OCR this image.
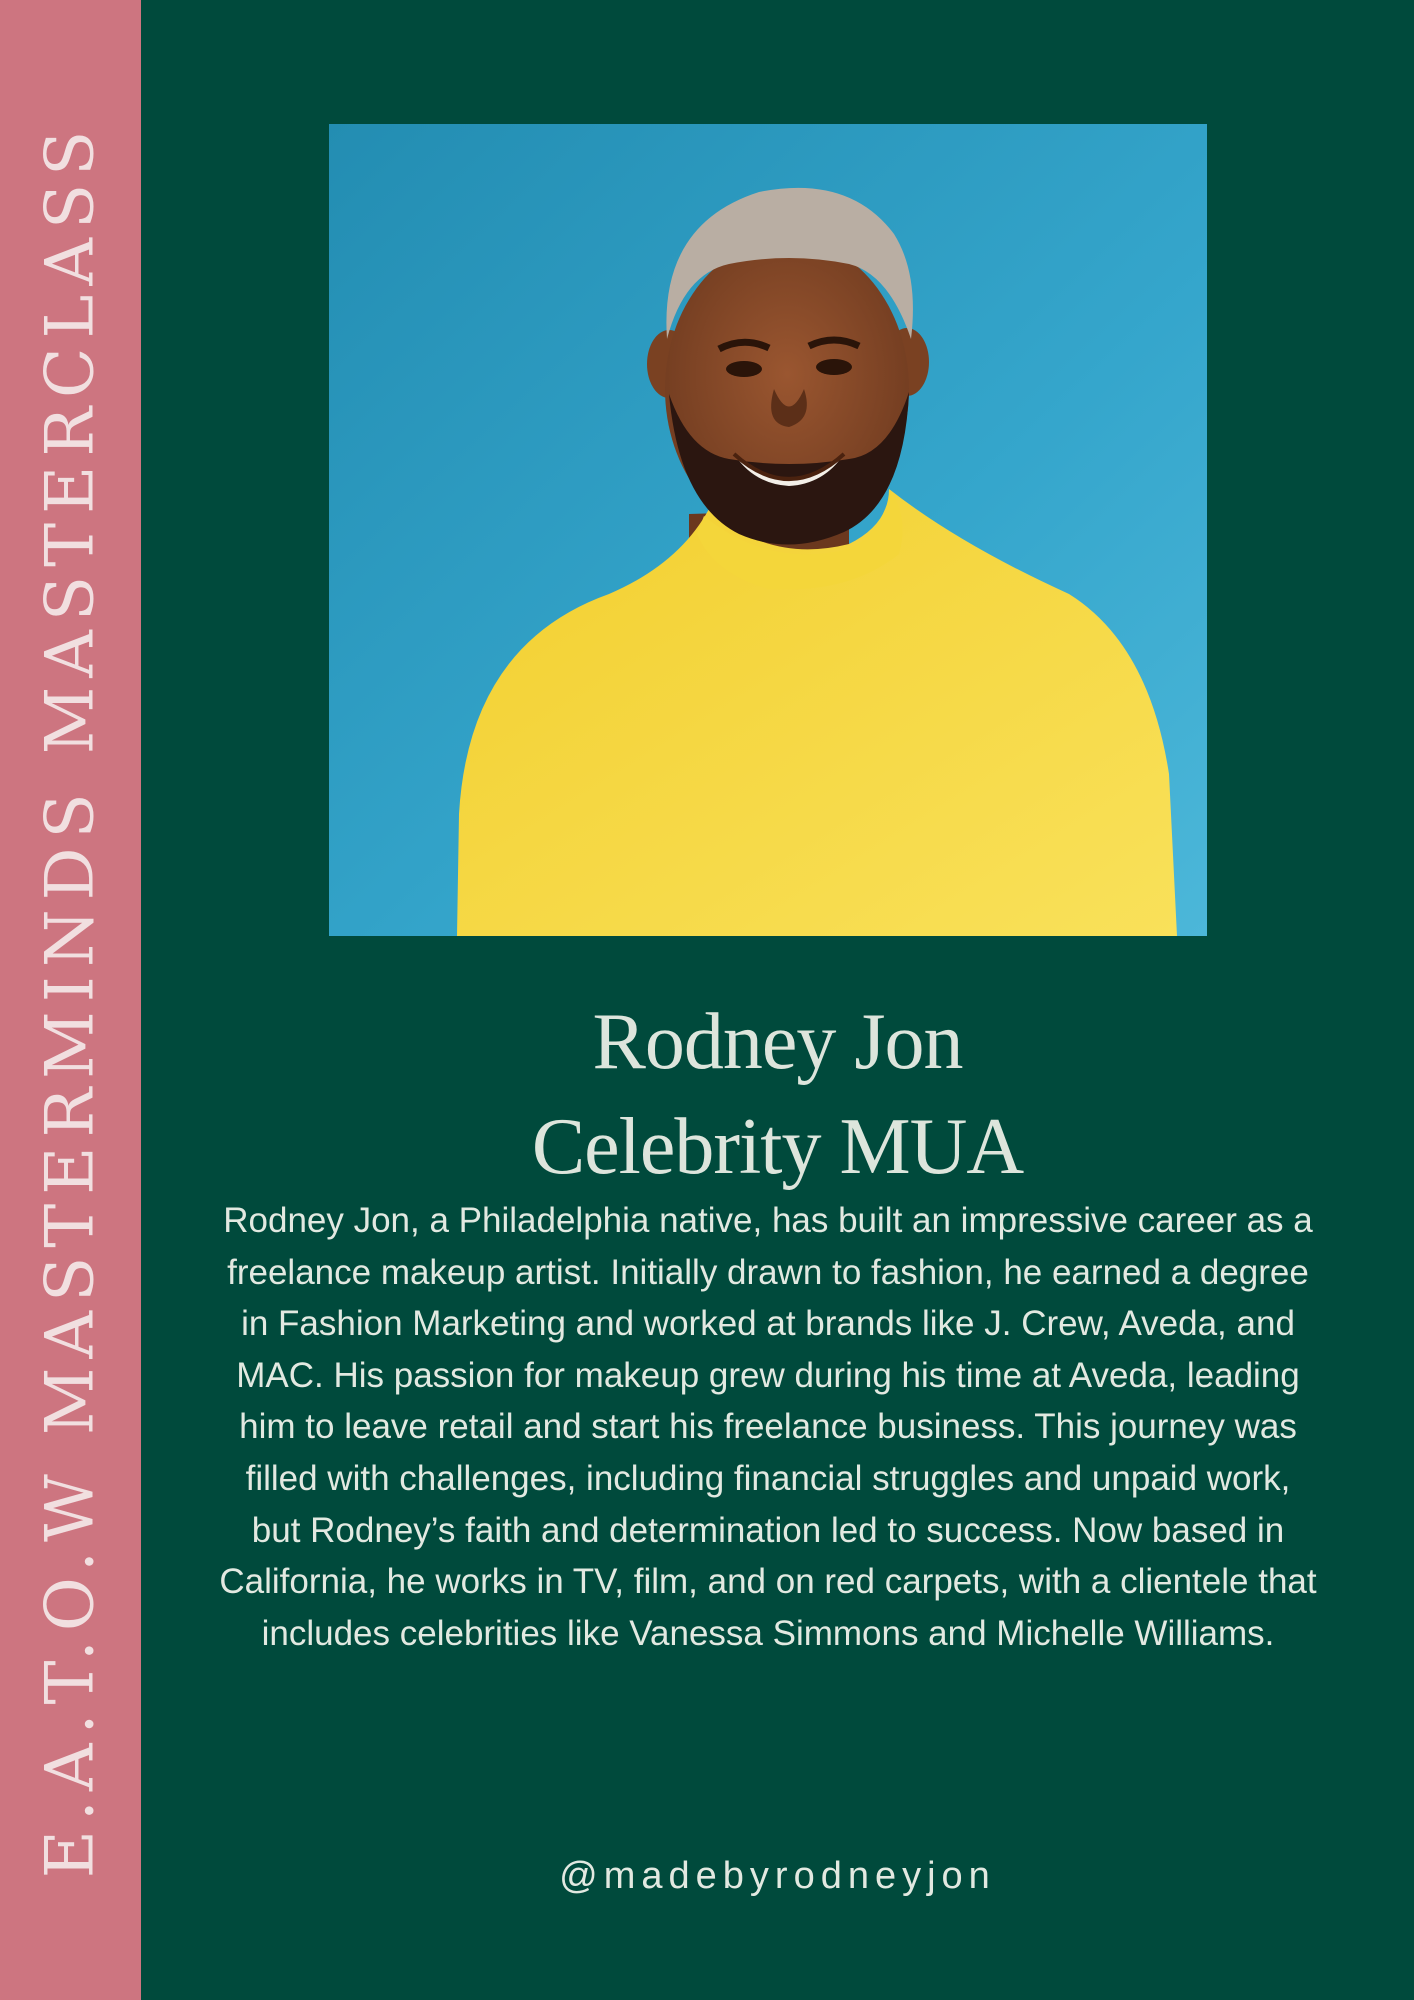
E.A.T.O.W MASTERMINDS MASTERCLASS	Rodney Jon
Celebrity MUA

Rodney Jon, a Philadelphia native, has built an impressive career as a freelance makeup artist. Initially drawn to fashion, he earned a degree in Fashion Marketing and worked at brands like J. Crew, Aveda, and MAC. His passion for makeup grew during his time at Aveda, leading him to leave retail and start his freelance business. This journey was filled with challenges, including financial struggles and unpaid work, but Rodney’s faith and determination led to success. Now based in California, he works in TV, film, and on red carpets, with a clientele that includes celebrities like Vanessa Simmons and Michelle Williams.

@madebyrodneyjon
